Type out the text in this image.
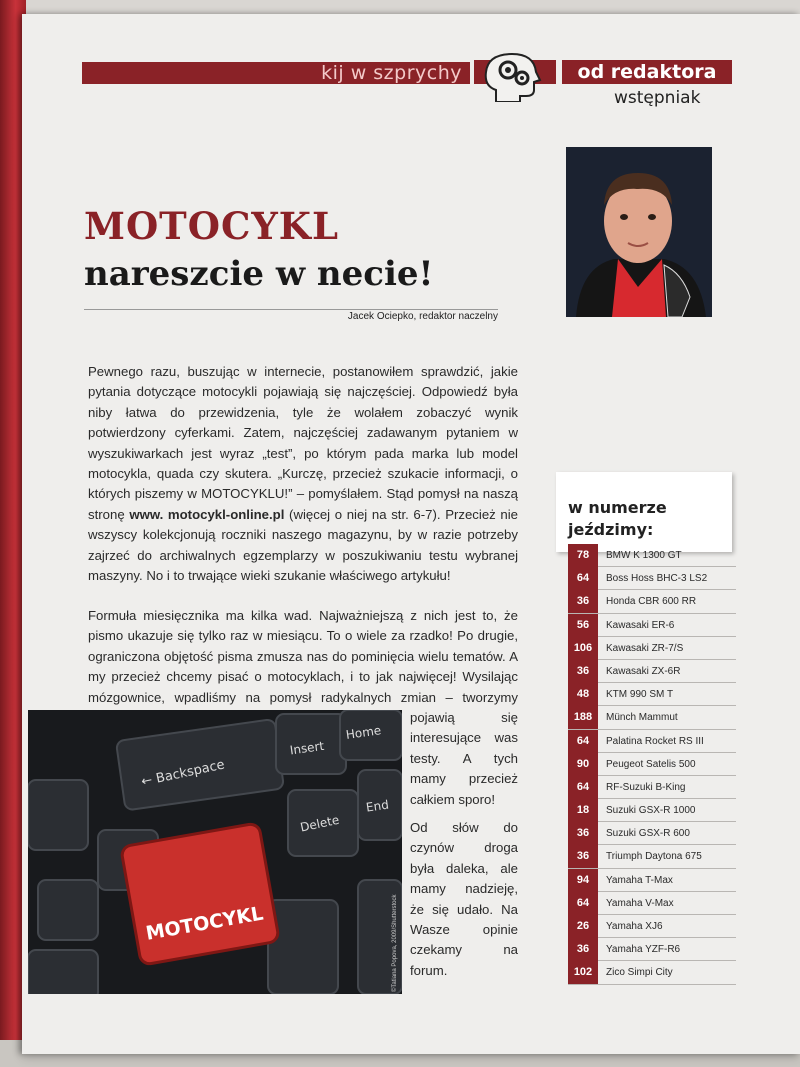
kij w szprychy	od redaktora
wstępniak
MOTOCYKL
nareszcie w necie!
Jacek Ociepko, redaktor naczelny
Pewnego razu, buszując w internecie, postanowiłem sprawdzić, jakie pytania dotyczące motocykli pojawiają się najczęściej. Odpowiedź była niby łatwa do przewidzenia, tyle że wolałem zobaczyć wynik potwierdzony cyferkami. Zatem, najczęściej zadawanym pytaniem w wyszukiwarkach jest wyraz „test”, po którym pada marka lub model motocykla, quada czy skutera. „Kurczę, przecież szukacie informacji, o których piszemy w MOTOCYKLU!” – pomyślałem. Stąd pomysł na naszą stronę www. motocykl-online.pl (więcej o niej na str. 6-7). Przecież nie wszyscy kolekcjonują roczniki naszego magazynu, by w razie potrzeby zajrzeć do archiwalnych egzemplarzy w poszukiwaniu testu wybranej maszyny. No i to trwające wieki szukanie właściwego artykułu!
Formuła miesięcznika ma kilka wad. Najważniejszą z nich jest to, że pismo ukazuje się tylko raz w miesiącu. To o wiele za rzadko! Po drugie, ograniczona objętość pisma zmusza nas do pominięcia wielu tematów. A my przecież chcemy pisać o motocyklach, i to jak najwięcej! Wysilając mózgownice, wpadliśmy na pomysł radykalnych zmian – tworzymy
pojawią się interesujące was testy. A tych mamy przecież całkiem sporo!
Od słów do czynów droga była daleka, ale mamy nadzieję, że się udało. Na Wasze opinie czekamy na forum.
MOTOCYKL
← Backspace
Insert
Home
Delete
End
©Tatiana Popova, 2009/Shutterstock
w numerze
jeździmy:
78	BMW K 1300 GT
64	Boss Hoss BHC-3 LS2
36	Honda CBR 600 RR
56	Kawasaki ER-6
106	Kawasaki ZR-7/S
36	Kawasaki ZX-6R
48	KTM 990 SM T
188	Münch Mammut
64	Palatina Rocket RS III
90	Peugeot Satelis 500
64	RF-Suzuki B-King
18	Suzuki GSX-R 1000
36	Suzuki GSX-R 600
36	Triumph Daytona 675
94	Yamaha T-Max
64	Yamaha V-Max
26	Yamaha XJ6
36	Yamaha YZF-R6
102	Zico Simpi City
